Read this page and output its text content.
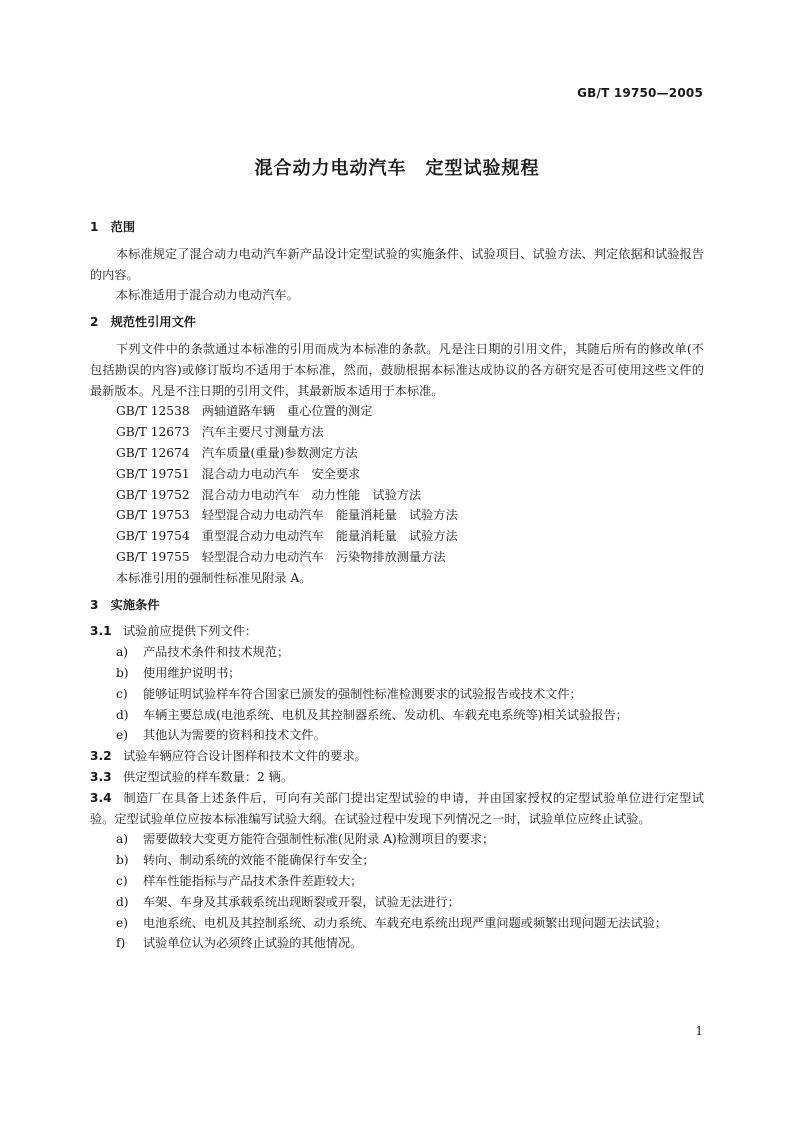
GB/T 19750—2005
混合动力电动汽车　定型试验规程

1　范围

本标准规定了混合动力电动汽车新产品设计定型试验的实施条件、试验项目、试验方法、判定依据和试验报告的内容。

本标准适用于混合动力电动汽车。

2　规范性引用文件

下列文件中的条款通过本标准的引用而成为本标准的条款。凡是注日期的引用文件，其随后所有的修改单(不包括勘误的内容)或修订版均不适用于本标准，然而，鼓励根据本标准达成协议的各方研究是否可使用这些文件的最新版本。凡是不注日期的引用文件，其最新版本适用于本标准。

GB/T 12538　两轴道路车辆　重心位置的测定

GB/T 12673　汽车主要尺寸测量方法

GB/T 12674　汽车质量(重量)参数测定方法

GB/T 19751　混合动力电动汽车　安全要求

GB/T 19752　混合动力电动汽车　动力性能　试验方法

GB/T 19753　轻型混合动力电动汽车　能量消耗量　试验方法

GB/T 19754　重型混合动力电动汽车　能量消耗量　试验方法

GB/T 19755　轻型混合动力电动汽车　污染物排放测量方法

本标准引用的强制性标准见附录 A。

3　实施条件

3.1 试验前应提供下列文件：

a) 产品技术条件和技术规范；

b) 使用维护说明书；

c) 能够证明试验样车符合国家已颁发的强制性标准检测要求的试验报告或技术文件；

d) 车辆主要总成(电池系统、电机及其控制器系统、发动机、车载充电系统等)相关试验报告；

e) 其他认为需要的资料和技术文件。

3.2 试验车辆应符合设计图样和技术文件的要求。

3.3 供定型试验的样车数量：2 辆。

3.4 制造厂在具备上述条件后，可向有关部门提出定型试验的申请，并由国家授权的定型试验单位进行定型试验。定型试验单位应按本标准编写试验大纲。在试验过程中发现下列情况之一时，试验单位应终止试验。

a) 需要做较大变更方能符合强制性标准(见附录 A)检测项目的要求；

b) 转向、制动系统的效能不能确保行车安全；

c) 样车性能指标与产品技术条件差距较大；

d) 车架、车身及其承载系统出现断裂或开裂，试验无法进行；

e) 电池系统、电机及其控制系统、动力系统、车载充电系统出现严重问题或频繁出现问题无法试验；

f) 试验单位认为必须终止试验的其他情况。

1
